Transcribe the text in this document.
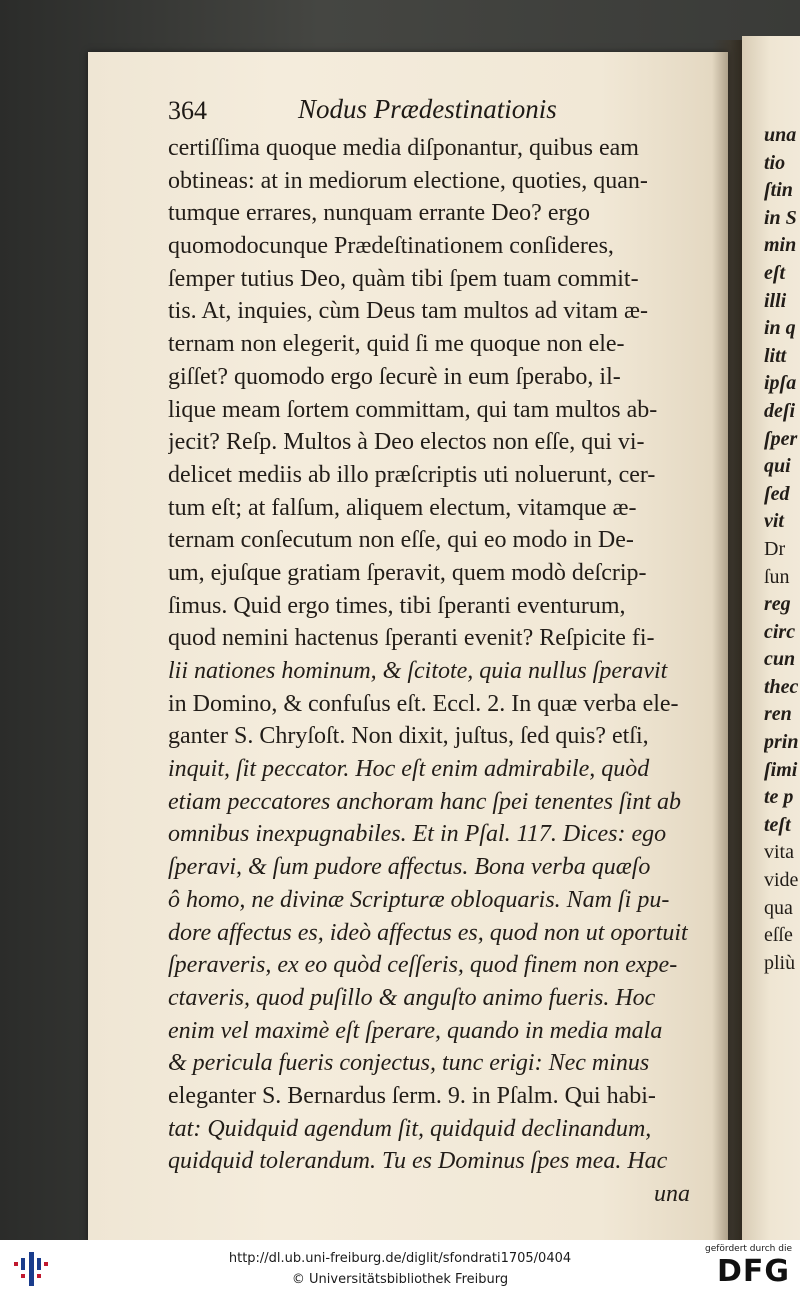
364	Nodus Prædestinationis
certiſſima quoque media diſponantur, quibus eam
obtineas: at in mediorum electione, quoties, quan-
tumque errares, nunquam errante Deo? ergo
quomodocunque Prædeſtinationem conſideres,
ſemper tutius Deo, quàm tibi ſpem tuam commit-
tis. At, inquies, cùm Deus tam multos ad vitam æ-
ternam non elegerit, quid ſi me quoque non ele-
giſſet? quomodo ergo ſecurè in eum ſperabo, il-
lique meam ſortem committam, qui tam multos ab-
jecit? Reſp. Multos à Deo electos non eſſe, qui vi-
delicet mediis ab illo præſcriptis uti noluerunt, cer-
tum eſt; at falſum, aliquem electum, vitamque æ-
ternam conſecutum non eſſe, qui eo modo in De-
um, ejuſque gratiam ſperavit, quem modò deſcrip-
ſimus. Quid ergo times, tibi ſperanti eventurum,
quod nemini hactenus ſperanti evenit? Reſpicite fi-
lii nationes hominum, & ſcitote, quia nullus ſperavit
in Domino, & confuſus eſt. Eccl. 2. In quæ verba ele-
ganter S. Chryſoſt. Non dixit, juſtus, ſed quis? etſi,
inquit, ſit peccator. Hoc eſt enim admirabile, quòd
etiam peccatores anchoram hanc ſpei tenentes ſint ab
omnibus inexpugnabiles. Et in Pſal. 117. Dices: ego
ſperavi, & ſum pudore affectus. Bona verba quæſo
ô homo, ne divinæ Scripturæ obloquaris. Nam ſi pu-
dore affectus es, ideò affectus es, quod non ut oportuit
ſperaveris, ex eo quòd ceſſeris, quod finem non expe-
ctaveris, quod puſillo & anguſto animo fueris. Hoc
enim vel maximè eſt ſperare, quando in media mala
& pericula fueris conjectus, tunc erigi: Nec minus
eleganter S. Bernardus ſerm. 9. in Pſalm. Qui habi-
tat: Quidquid agendum ſit, quidquid declinandum,
quidquid tolerandum. Tu es Dominus ſpes mea. Hac
una
una
tio
ſtin
in S
min
eſt
illi
in q
litt
ipſa
deſi
ſper
qui
ſed
vit
Dr
ſun
reg
circ
cun
thec
ren
prin
ſimi
te p
teſt
vita
vide
qua
eſſe
pliù
http://dl.ub.uni-freiburg.de/diglit/sfondrati1705/0404
© Universitätsbibliothek Freiburg
gefördert durch die
DFG
